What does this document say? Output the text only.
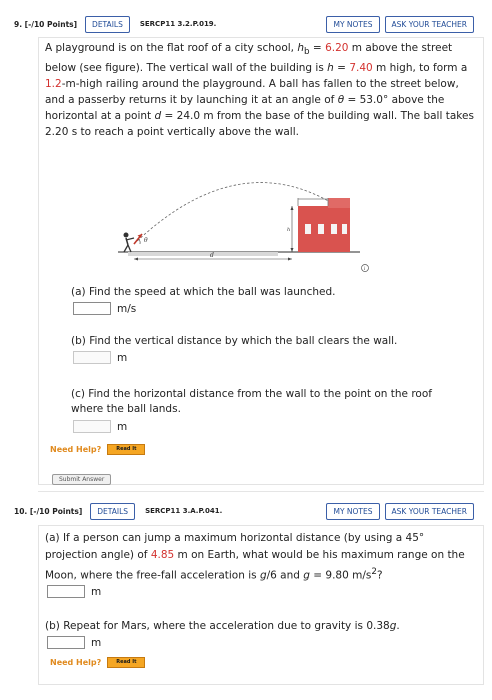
9. [-/10 Points]	DETAILS	SERCP11 3.2.P.019.	MY NOTES	ASK YOUR TEACHER
A playground is on the flat roof of a city school, $h_b = 6.20$ m above the street below (see figure). The vertical wall of the building is h = 7.40 m high, to form a 1.2-m-high railing around the playground. A ball has fallen to the street below, and a passerby returns it by launching it at an angle of θ = 53.0° above the horizontal at a point d = 24.0 m from the base of the building wall. The ball takes 2.20 s to reach a point vertically above the wall.
θ
d
h
i
(a) Find the speed at which the ball was launched.
m/s
(b) Find the vertical distance by which the ball clears the wall.
m
(c) Find the horizontal distance from the wall to the point on the roof where the ball lands.
m
Need Help?	Read It
Submit Answer
10. [-/10 Points]	DETAILS	SERCP11 3.A.P.041.	MY NOTES	ASK YOUR TEACHER
(a) If a person can jump a maximum horizontal distance (by using a 45° projection angle) of 4.85 m on Earth, what would be his maximum range on the Moon, where the free-fall acceleration is g/6 and g = 9.80 $m/s^2$?
m
(b) Repeat for Mars, where the acceleration due to gravity is 0.38g.
m
Need Help?	Read It
